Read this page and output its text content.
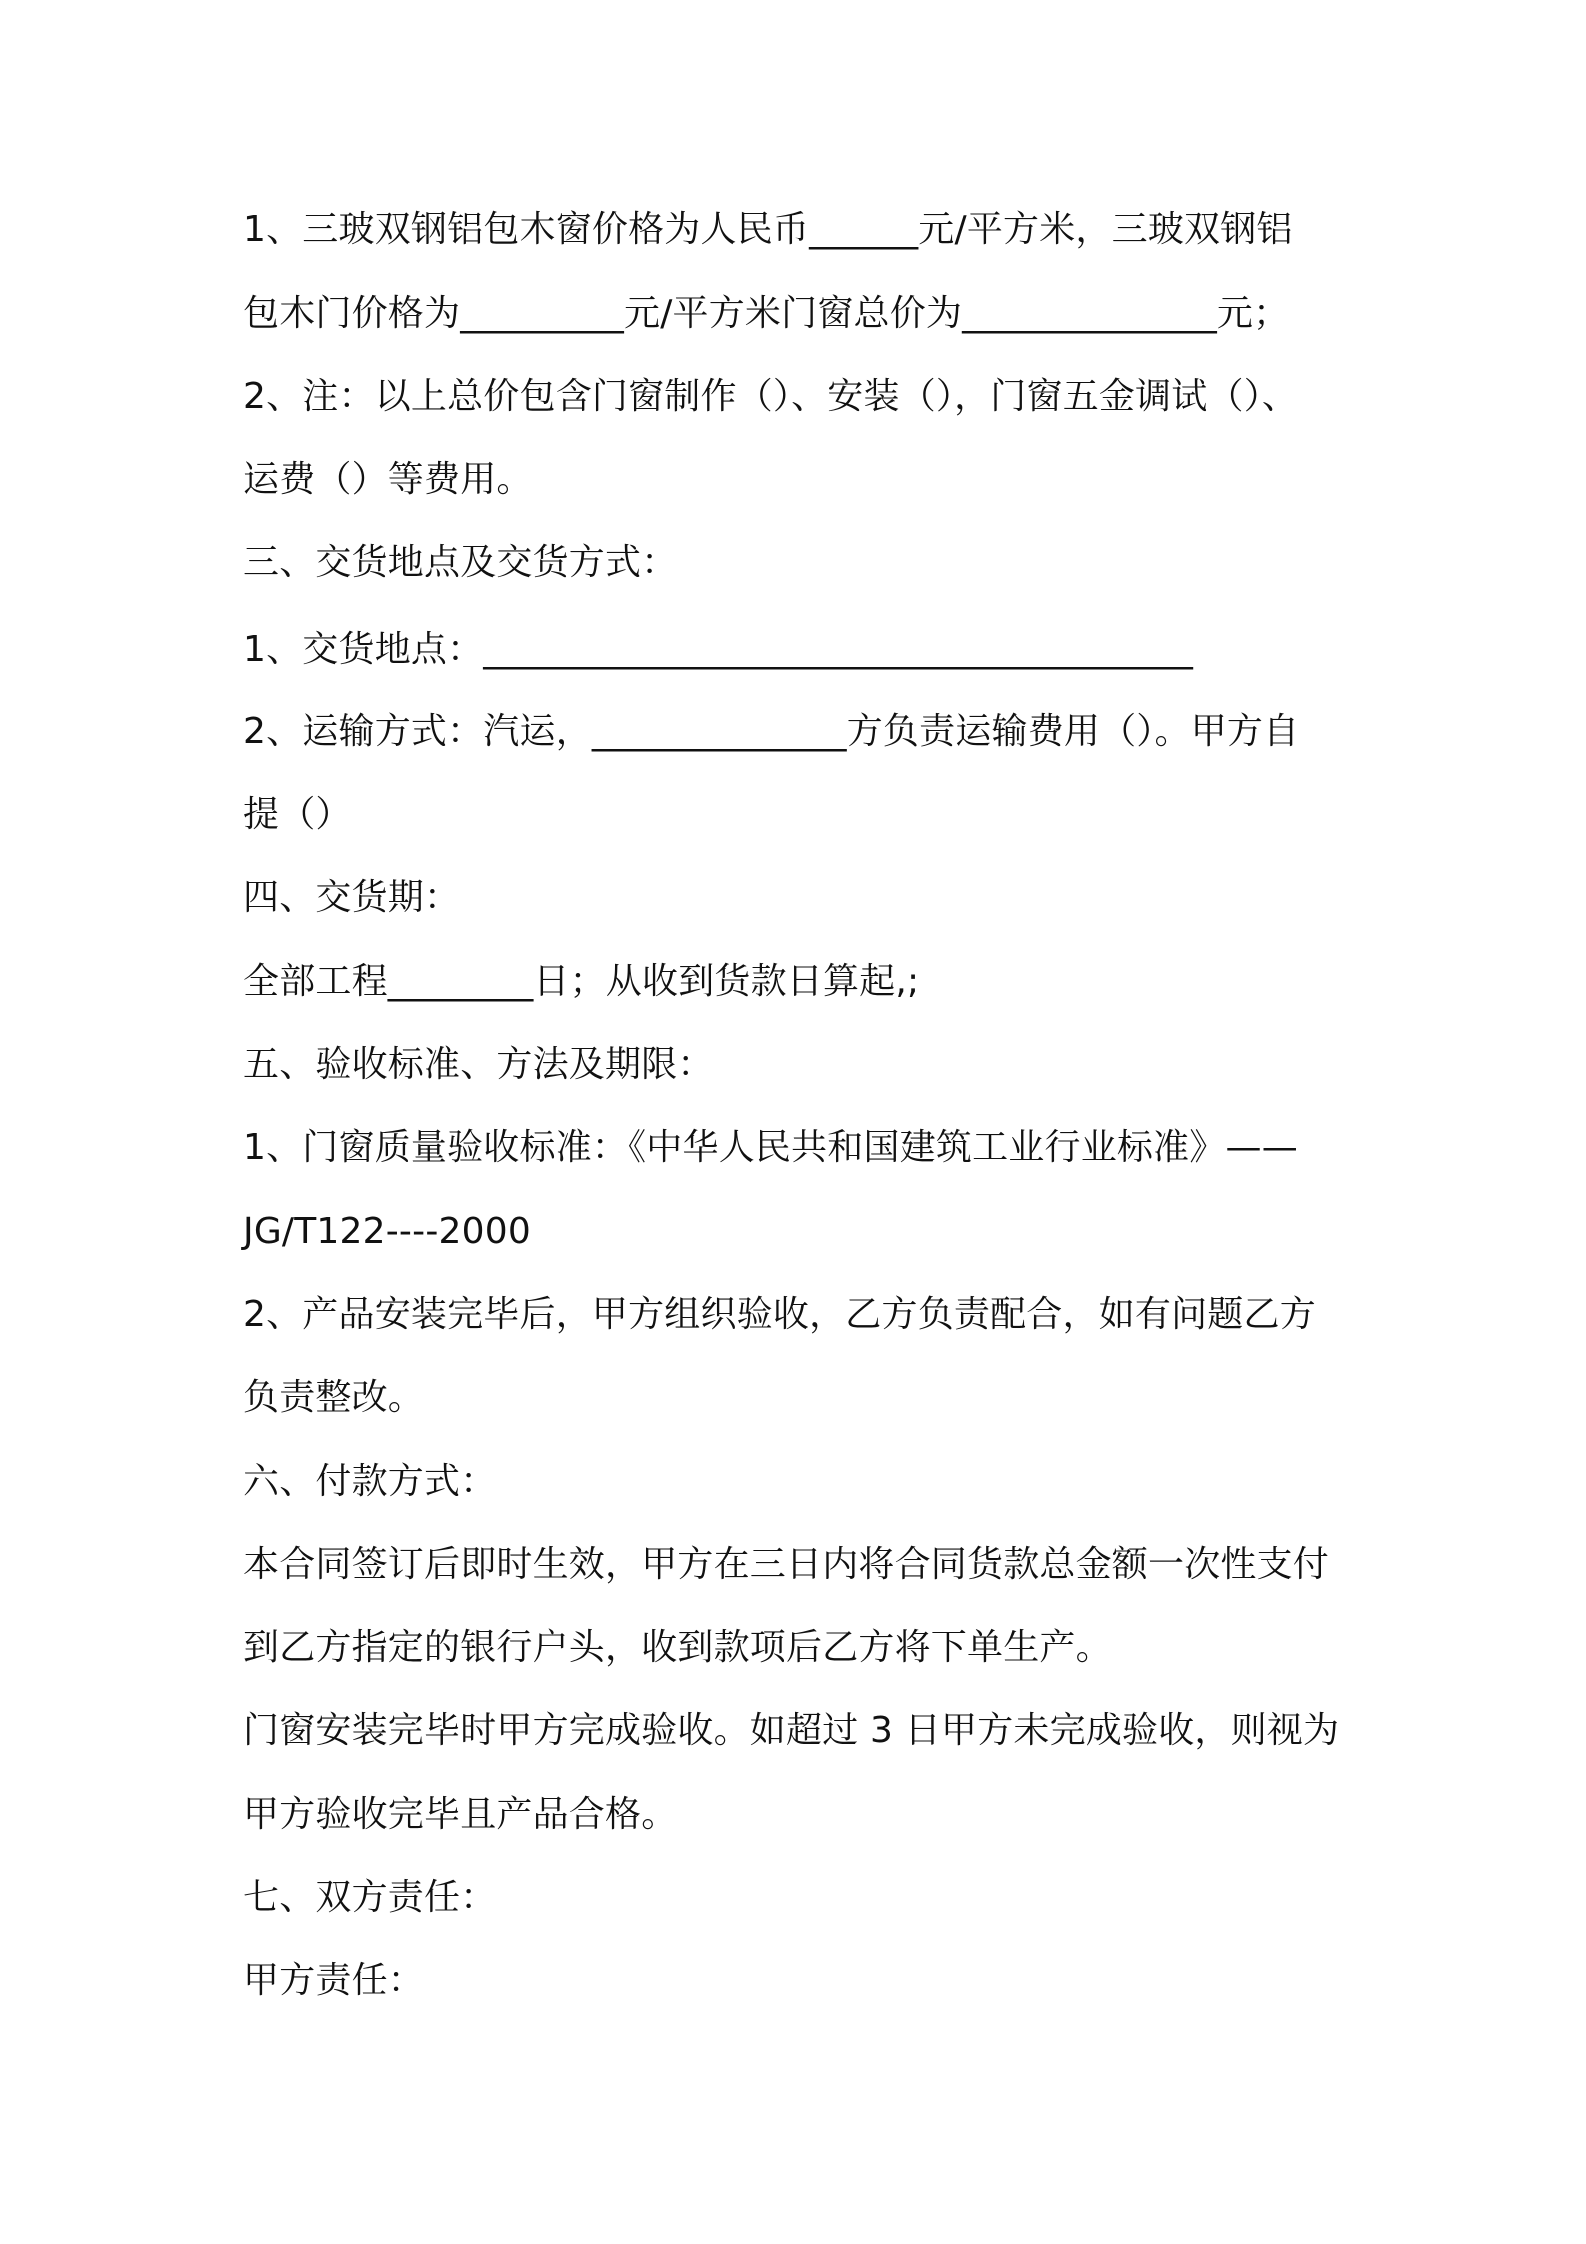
1、三玻双钢铝包木窗价格为人民币______元/平方米，三玻双钢铝
包木门价格为_________元/平方米门窗总价为______________元；
2、注：以上总价包含门窗制作（）、安装（），门窗五金调试（）、
运费（）等费用。
三、交货地点及交货方式：
1、交货地点：_______________________________________
2、运输方式：汽运，______________方负责运输费用（）。甲方自
提（）
四、交货期：
全部工程________日；从收到货款日算起,;
五、验收标准、方法及期限：
1、门窗质量验收标准：《中华人民共和国建筑工业行业标准》——
JG/T122----2000
2、产品安装完毕后，甲方组织验收，乙方负责配合，如有问题乙方
负责整改。
六、付款方式：
本合同签订后即时生效，甲方在三日内将合同货款总金额一次性支付
到乙方指定的银行户头，收到款项后乙方将下单生产。
门窗安装完毕时甲方完成验收。如超过 3 日甲方未完成验收，则视为
甲方验收完毕且产品合格。
七、双方责任：
甲方责任：
